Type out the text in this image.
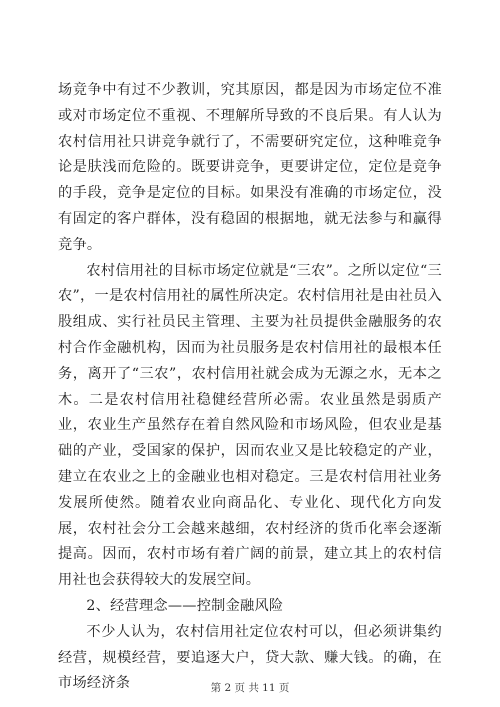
场竞争中有过不少教训，究其原因，都是因为市场定位不准或对市场定位不重视、不理解所导致的不良后果。有人认为农村信用社只讲竞争就行了，不需要研究定位，这种唯竞争论是肤浅而危险的。既要讲竞争，更要讲定位，定位是竞争的手段，竞争是定位的目标。如果没有准确的市场定位，没有固定的客户群体，没有稳固的根据地，就无法参与和赢得竞争。

农村信用社的目标市场定位就是“三农”。之所以定位“三农”，一是农村信用社的属性所决定。农村信用社是由社员入股组成、实行社员民主管理、主要为社员提供金融服务的农村合作金融机构，因而为社员服务是农村信用社的最根本任务，离开了“三农”，农村信用社就会成为无源之水，无本之木。二是农村信用社稳健经营所必需。农业虽然是弱质产业，农业生产虽然存在着自然风险和市场风险，但农业是基础的产业，受国家的保护，因而农业又是比较稳定的产业，建立在农业之上的金融业也相对稳定。三是农村信用社业务发展所使然。随着农业向商品化、专业化、现代化方向发展，农村社会分工会越来越细，农村经济的货币化率会逐渐提高。因而，农村市场有着广阔的前景，建立其上的农村信用社也会获得较大的发展空间。

2、经营理念——控制金融风险

不少人认为，农村信用社定位农村可以，但必须讲集约经营，规模经营，要追逐大户，贷大款、赚大钱。的确，在市场经济条	第 2 页 共 11 页
